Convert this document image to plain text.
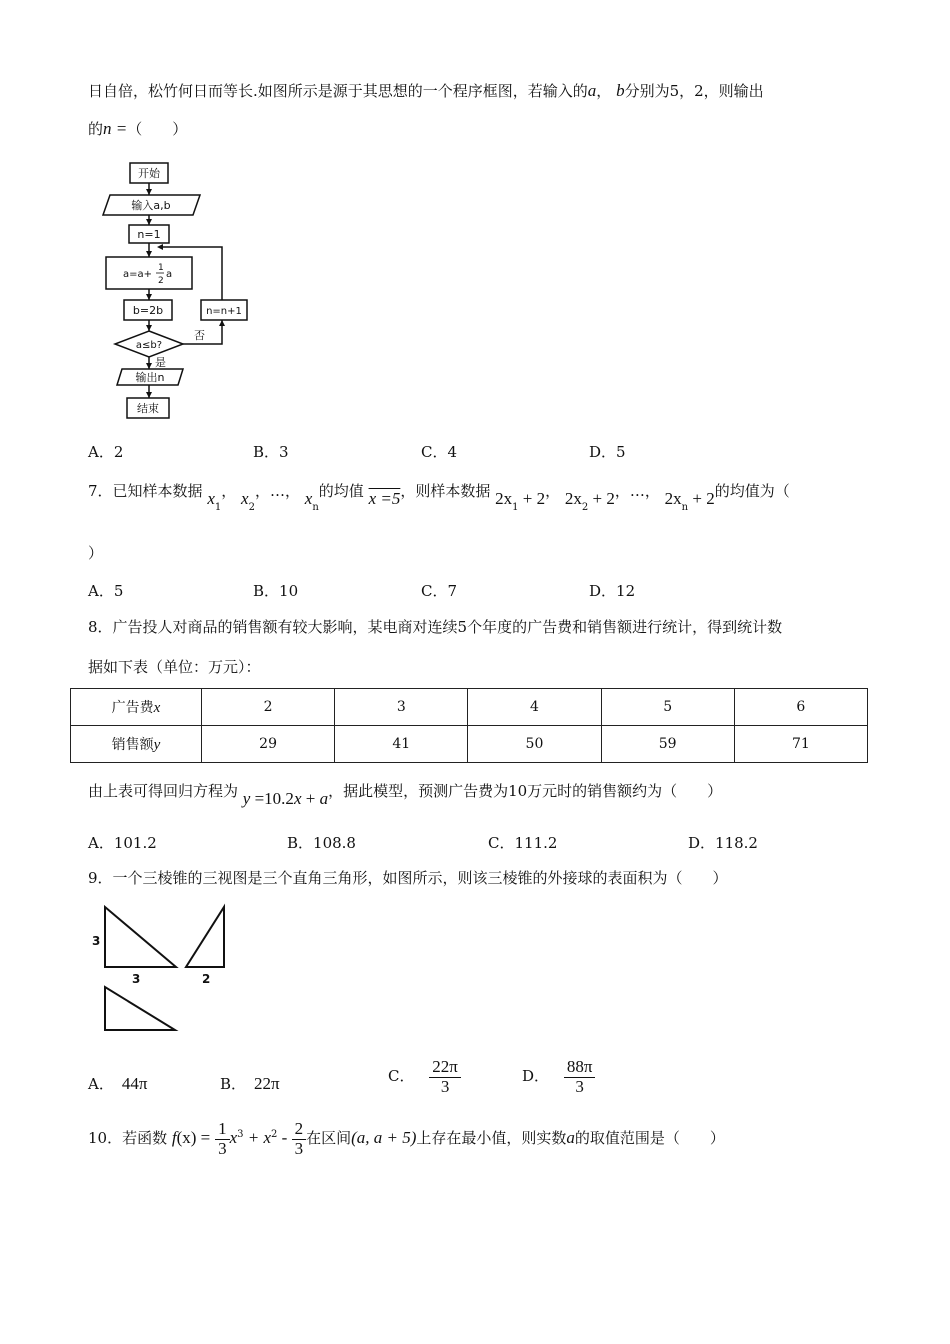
日自倍，松竹何日而等长.如图所示是源于其思想的一个程序框图，若输入的a， b分别为5，2，则输出
的n =（　　）
开始
输入a,b
n=1
a=a+
1
2
a
b=2b
a≤b?
否
是
n=n+1
输出n
结束
A．2	B．3	C．4	D．5
7．已知样本数据 $x_1$， $x_2$，…， $x_n$的均值 x =5，则样本数据 $2x_1 + 2$， $2x_2 + 2$，…， $2x_n + 2$的均值为（
）
A．5	B．10	C．7	D．12
8．广告投人对商品的销售额有较大影响，某电商对连续5个年度的广告费和销售额进行统计，得到统计数
据如下表（单位：万元）：
广告费x	2	3	4	5	6
销售额y	29	41	50	59	71
由上表可得回归方程为 y =10.2x + a，据此模型，预测广告费为10万元时的销售额约为（　　）
A．101.2	B．108.8	C．111.2	D．118.2
9．一个三棱锥的三视图是三个直角三角形，如图所示，则该三棱锥的外接球的表面积为（　　）
3
3	2
A． 44π	B． 22π	C． $\frac{22\pi}{3}$	D． $\frac{88\pi}{3}$
10．若函数 $f(x) = \frac{1}{3} x^3 + x^2 - \frac{2}{3}$ 在区间(a, a + 5)上存在最小值，则实数a的取值范围是（　　）
